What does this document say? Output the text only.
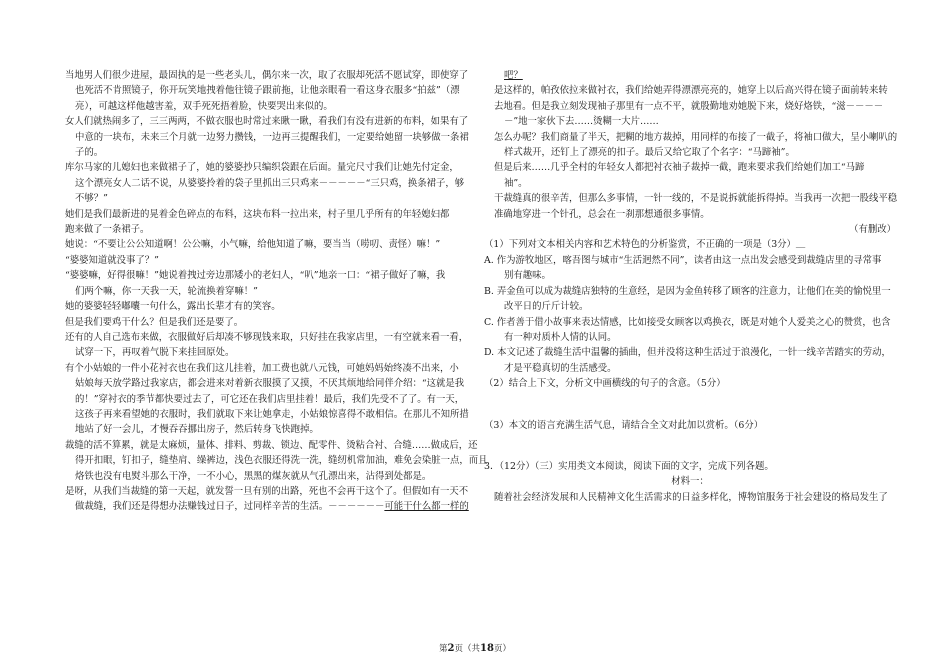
当地男人们很少进屋，最固执的是一些老头儿，偶尔来一次，取了衣服却死活不愿试穿，即使穿了

也死活不肯照镜子，你开玩笑地拽着他往镜子跟前拖，让他亲眼看一看这身衣服多“拍兹”（漂

亮），可越这样他越害羞，双手死死捂着脸，快要哭出来似的。

女人们就热闹多了，三三两两，不做衣服也时常过来瞅一瞅，看我们有没有进新的布料，如果有了

中意的一块布，未来三个月就一边努力攒钱，一边再三提醒我们，一定要给她留一块够做一条裙

子的。

库尔马家的儿媳妇也来做裙子了，她的婆婆抄只编织袋跟在后面。量完尺寸我们让她先付定金，

这个漂亮女人二话不说，从婆婆拎着的袋子里抓出三只鸡来－－－－－“三只鸡，换条裙子，够

不够？”

她们是我们最新进的晃着金色碎点的布料，这块布料一拉出来，村子里几乎所有的年轻媳妇都

跑来做了一条裙子。

她说：“不要让公公知道啊！公公嘛，小气嘛，给他知道了嘛，要当当（唠叨、责怪）嘛！”

“婆婆知道就没事了？”

“婆婆嘛，好得很嘛！”她说着拽过旁边那矮小的老妇人，“叭”地亲一口：“裙子做好了嘛，我

们两个嘛，你一天我一天，轮流换着穿嘛！”

她的婆婆轻轻嘟囔一句什么，露出长辈才有的笑容。

但是我们要鸡干什么？但是我们还是要了。

还有的人自己选布来做，衣服做好后却凑不够现钱来取，只好挂在我家店里，一有空就来看一看，

试穿一下，再叹着气脱下来挂回原处。

有个小姑娘的一件小花衬衣也在我们这儿挂着，加工费也就八元钱，可她妈妈始终凑不出来，小

姑娘每天放学路过我家店，都会进来对着新衣服摸了又摸，不厌其烦地给同伴介绍：“这就是我

的！”穿衬衣的季节都快要过去了，可它还在我们店里挂着！最后，我们先受不了了。有一天，

这孩子再来看望她的衣服时，我们就取下来让她拿走，小姑娘惊喜得不敢相信。在那儿不知所措

地站了好一会儿，才慢吞吞挪出房子，然后转身飞快跑掉。

裁缝的活不算累，就是太麻烦，量体、排料、剪裁、锁边、配零件、烫粘合衬、合缝……做成后，还

得开扣眼，钉扣子，缝垫肩、缲裤边，浅色衣服还得洗一洗，缝纫机常加油，难免会染脏一点，而且

烙铁也没有电熨斗那么干净，一不小心，黑黑的煤灰就从气孔漂出来，沾得到处都是。

是呀，从我们当裁缝的第一天起，就发誓一旦有别的出路，死也不会再干这个了。但假如有一天不

做裁缝，我们还是得想办法赚钱过日子，过同样辛苦的生活。－－－－－－可能干什么都一样的

吧？

是这样的，帕孜依拉来做衬衣，我们给她弄得漂漂亮亮的，她穿上以后高兴得在镜子面前转来转

去地看。但是我立刻发现袖子那里有一点不平，就殷勤地劝她脱下来，烧好烙铁，“滋－－－－

－”地一家伙下去……烫糊一大片……

怎么办呢？我们商量了半天，把糊的地方裁掉，用同样的布接了一截子，将袖口做大，呈小喇叭的

样式裁开，还钉上了漂亮的扣子。最后又给它取了个名字：“马蹄袖”。

但是后来……几乎全村的年轻女人都把衬衣袖子裁掉一截，跑来要求我们给她们加工“马蹄

袖”。

干裁缝真的很辛苦，但那么多事情，一针一线的，不是说拆就能拆得掉。当我再一次把一股线平稳

准确地穿进一个针孔，总会在一刹那想通很多事情。

（有删改）

（1）下列对文本相关内容和艺术特色的分析鉴赏，不正确的一项是（3分）＿

A. 作为游牧地区，喀吾图与城市“生活迥然不同”，读者由这一点出发会感受到裁缝店里的寻常事

别有趣味。

B. 弄金鱼可以成为裁缝店独特的生意经，是因为金鱼转移了顾客的注意力，让他们在美的愉悦里一

改平日的斤斤计较。

C. 作者善于借小故事来表达情感，比如接受女顾客以鸡换衣，既是对她个人爱美之心的赞赏，也含

有一种对质朴人情的认同。

D. 本文记述了裁缝生活中温馨的插曲，但并没将这种生活过于浪漫化，一针一线辛苦踏实的劳动，

才是平稳真切的生活感受。

（2）结合上下文，分析文中画横线的句子的含意。（5分）

（3）本文的语言充满生活气息，请结合全文对此加以赏析。（6分）

3．（12分）（三）实用类文本阅读，阅读下面的文字，完成下列各题。

材料一：

随着社会经济发展和人民精神文化生活需求的日益多样化，博物馆服务于社会建设的格局发生了

第2页（共18页）
